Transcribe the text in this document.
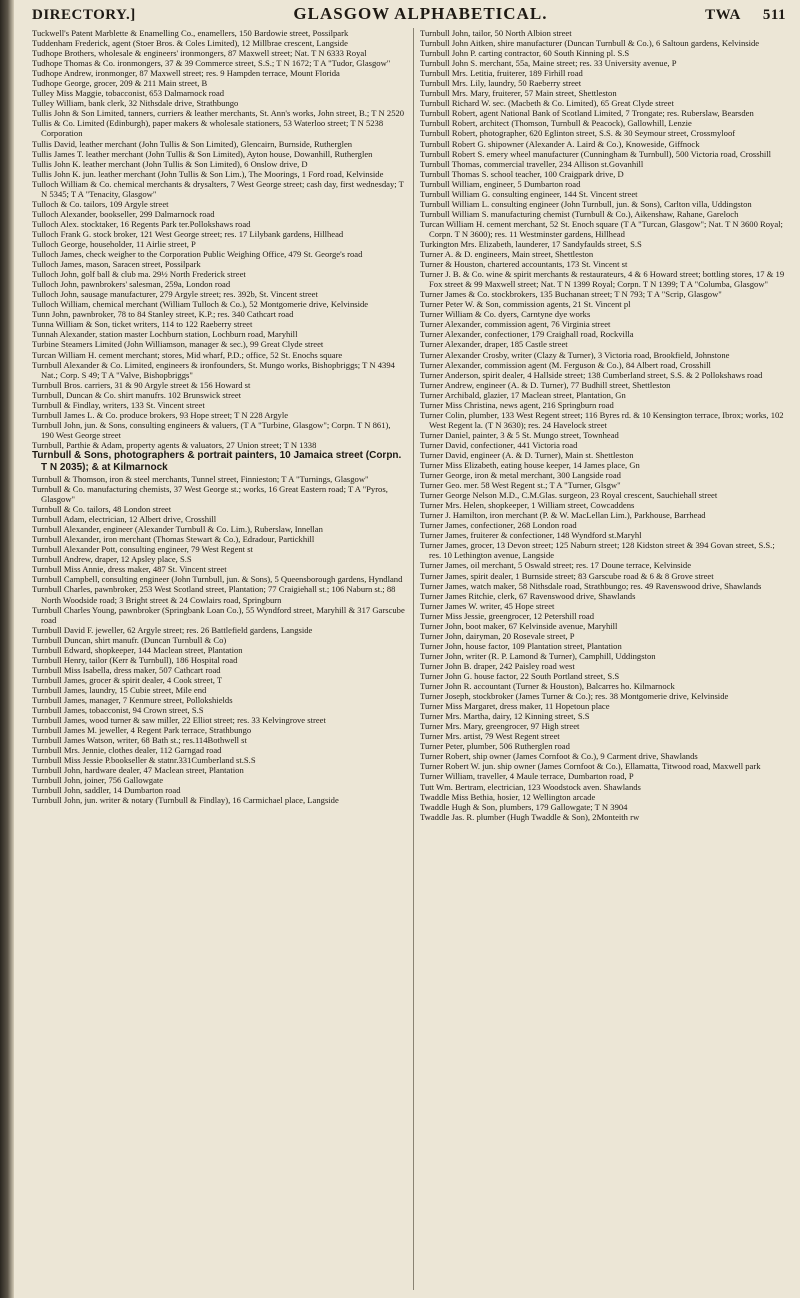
DIRECTORY.]	GLASGOW ALPHABETICAL.	TWA 511

Tuckwell's Patent Marblette & Enamelling Co., enamellers, 150 Bardowie street, Possilpark

Tuddenham Frederick, agent (Stoer Bros. & Coles Limited), 12 Millbrae crescent, Langside

Tudhope Brothers, wholesale & engineers' ironmongers, 87 Maxwell street; Nat. T N 6333 Royal

Tudhope Thomas & Co. ironmongers, 37 & 39 Commerce street, S.S.; T N 1672; T A "Tudor, Glasgow"

Tudhope Andrew, ironmonger, 87 Maxwell street; res. 9 Hampden terrace, Mount Florida

Tudhope George, grocer, 209 & 211 Main street, B

Tulley Miss Maggie, tobacconist, 653 Dalmarnock road

Tulley William, bank clerk, 32 Nithsdale drive, Strathbungo

Tullis John & Son Limited, tanners, curriers & leather merchants, St. Ann's works, John street, B.; T N 2520

Tullis & Co. Limited (Edinburgh), paper makers & wholesale stationers, 53 Waterloo street; T N 5238 Corporation

Tullis David, leather merchant (John Tullis & Son Limited), Glencairn, Burnside, Rutherglen

Tullis James T. leather merchant (John Tullis & Son Limited), Ayton house, Dowanhill, Rutherglen

Tullis John K. leather merchant (John Tullis & Son Limited), 6 Onslow drive, D

Tullis John K. jun. leather merchant (John Tullis & Son Lim.), The Moorings, 1 Ford road, Kelvinside

Tulloch William & Co. chemical merchants & drysalters, 7 West George street; cash day, first wednesday; T N 5345; T A "Tenacity, Glasgow"

Tulloch & Co. tailors, 109 Argyle street

Tulloch Alexander, bookseller, 299 Dalmarnock road

Tulloch Alex. stocktaker, 16 Regents Park ter.Pollokshaws road

Tulloch Frank G. stock broker, 121 West George street; res. 17 Lilybank gardens, Hillhead

Tulloch George, householder, 11 Airlie street, P

Tulloch James, check weigher to the Corporation Public Weighing Office, 479 St. George's road

Tulloch James, mason, Saracen street, Possilpark

Tulloch John, golf ball & club ma. 29½ North Frederick street

Tulloch John, pawnbrokers' salesman, 259a, London road

Tulloch John, sausage manufacturer, 279 Argyle street; res. 392b, St. Vincent street

Tulloch William, chemical merchant (William Tulloch & Co.), 52 Montgomerie drive, Kelvinside

Tunn John, pawnbroker, 78 to 84 Stanley street, K.P.; res. 340 Cathcart road

Tunna William & Son, ticket writers, 114 to 122 Raeberry street

Tunnah Alexander, station master Lochburn station, Lochburn road, Maryhill

Turbine Steamers Limited (John Williamson, manager & sec.), 99 Great Clyde street

Turcan William H. cement merchant; stores, Mid wharf, P.D.; office, 52 St. Enochs square

Turnbull Alexander & Co. Limited, engineers & ironfounders, St. Mungo works, Bishopbriggs; T N 4394 Nat.; Corp. S 49; T A "Valve, Bishopbriggs"

Turnbull Bros. carriers, 31 & 90 Argyle street & 156 Howard st

Turnbull, Duncan & Co. shirt manufrs. 102 Brunswick street

Turnbull & Findlay, writers, 133 St. Vincent street

Turnbull James L. & Co. produce brokers, 93 Hope street; T N 228 Argyle

Turnbull John, jun. & Sons, consulting engineers & valuers, (T A "Turbine, Glasgow"; Corpn. T N 861), 190 West George street

Turnbull, Parthie & Adam, property agents & valuators, 27 Union street; T N 1338

Turnbull & Sons, photographers & portrait painters, 10 Jamaica street (Corpn. T N 2035); & at Kilmarnock

Turnbull & Thomson, iron & steel merchants, Tunnel street, Finnieston; T A "Turnings, Glasgow"

Turnbull & Co. manufacturing chemists, 37 West George st.; works, 16 Great Eastern road; T A "Pyros, Glasgow"

Turnbull & Co. tailors, 48 London street

Turnbull Adam, electrician, 12 Albert drive, Crosshill

Turnbull Alexander, engineer (Alexander Turnbull & Co. Lim.), Ruberslaw, Innellan

Turnbull Alexander, iron merchant (Thomas Stewart & Co.), Edradour, Partickhill

Turnbull Alexander Pott, consulting engineer, 79 West Regent st

Turnbull Andrew, draper, 12 Apsley place, S.S

Turnbull Miss Annie, dress maker, 487 St. Vincent street

Turnbull Campbell, consulting engineer (John Turnbull, jun. & Sons), 5 Queensborough gardens, Hyndland

Turnbull Charles, pawnbroker, 253 West Scotland street, Plantation; 77 Craigiehall st.; 106 Naburn st.; 88 North Woodside road; 3 Bright street & 24 Cowlairs road, Springburn

Turnbull Charles Young, pawnbroker (Springbank Loan Co.), 55 Wyndford street, Maryhill & 317 Garscube road

Turnbull David F. jeweller, 62 Argyle street; res. 26 Battlefield gardens, Langside

Turnbull Duncan, shirt manufr. (Duncan Turnbull & Co)

Turnbull Edward, shopkeeper, 144 Maclean street, Plantation

Turnbull Henry, tailor (Kerr & Turnbull), 186 Hospital road

Turnbull Miss Isabella, dress maker, 507 Cathcart road

Turnbull James, grocer & spirit dealer, 4 Cook street, T

Turnbull James, laundry, 15 Cubie street, Mile end

Turnbull James, manager, 7 Kenmure street, Pollokshields

Turnbull James, tobacconist, 94 Crown street, S.S

Turnbull James, wood turner & saw miller, 22 Elliot street; res. 33 Kelvingrove street

Turnbull James M. jeweller, 4 Regent Park terrace, Strathbungo

Turnbull James Watson, writer, 68 Bath st.; res.114Bothwell st

Turnbull Mrs. Jennie, clothes dealer, 112 Garngad road

Turnbull Miss Jessie P.bookseller & statnr.331Cumberland st.S.S

Turnbull John, hardware dealer, 47 Maclean street, Plantation

Turnbull John, joiner, 756 Gallowgate

Turnbull John, saddler, 14 Dumbarton road

Turnbull John, jun. writer & notary (Turnbull & Findlay), 16 Carmichael place, Langside

Turnbull John, tailor, 50 North Albion street

Turnbull John Aitken, shire manufacturer (Duncan Turnbull & Co.), 6 Saltoun gardens, Kelvinside

Turnbull John P. carting contractor, 60 South Kinning pl. S.S

Turnbull John S. merchant, 55a, Maine street; res. 33 University avenue, P

Turnbull Mrs. Letitia, fruiterer, 189 Firhill road

Turnbull Mrs. Lily, laundry, 50 Raeberry street

Turnbull Mrs. Mary, fruiterer, 57 Main street, Shettleston

Turnbull Richard W. sec. (Macbeth & Co. Limited), 65 Great Clyde street

Turnbull Robert, agent National Bank of Scotland Limited, 7 Trongate; res. Ruberslaw, Bearsden

Turnbull Robert, architect (Thomson, Turnbull & Peacock), Gallowhill, Lenzie

Turnbull Robert, photographer, 620 Eglinton street, S.S. & 30 Seymour street, Crossmyloof

Turnbull Robert G. shipowner (Alexander A. Laird & Co.), Knoweside, Giffnock

Turnbull Robert S. emery wheel manufacturer (Cunningham & Turnbull), 500 Victoria road, Crosshill

Turnbull Thomas, commercial traveller, 234 Allison st.Govanhill

Turnbull Thomas S. school teacher, 100 Craigpark drive, D

Turnbull William, engineer, 5 Dumbarton road

Turnbull William G. consulting engineer, 144 St. Vincent street

Turnbull William L. consulting engineer (John Turnbull, jun. & Sons), Carlton villa, Uddingston

Turnbull William S. manufacturing chemist (Turnbull & Co.), Aikenshaw, Rahane, Gareloch

Turcan William H. cement merchant, 52 St. Enoch square (T A "Turcan, Glasgow"; Nat. T N 3600 Royal; Corpn. T N 3600); res. 11 Westminster gardens, Hillhead

Turkington Mrs. Elizabeth, launderer, 17 Sandyfaulds street, S.S

Turner A. & D. engineers, Main street, Shettleston

Turner & Houston, chartered accountants, 173 St. Vincent st

Turner J. B. & Co. wine & spirit merchants & restaurateurs, 4 & 6 Howard street; bottling stores, 17 & 19 Fox street & 99 Maxwell street; Nat. T N 1399 Royal; Corpn. T N 1399; T A "Columba, Glasgow"

Turner James & Co. stockbrokers, 135 Buchanan street; T N 793; T A "Scrip, Glasgow"

Turner Peter W. & Son, commission agents, 21 St. Vincent pl

Turner William & Co. dyers, Carntyne dye works

Turner Alexander, commission agent, 76 Virginia street

Turner Alexander, confectioner, 179 Craighall road, Rockvilla

Turner Alexander, draper, 185 Castle street

Turner Alexander Crosby, writer (Clazy & Turner), 3 Victoria road, Brookfield, Johnstone

Turner Alexander, commission agent (M. Ferguson & Co.), 84 Albert road, Crosshill

Turner Anderson, spirit dealer, 4 Hallside street; 138 Cumberland street, S.S. & 2 Pollokshaws road

Turner Andrew, engineer (A. & D. Turner), 77 Budhill street, Shettleston

Turner Archibald, glazier, 17 Maclean street, Plantation, Gn

Turner Miss Christina, news agent, 216 Springburn road

Turner Colin, plumber, 133 West Regent street; 116 Byres rd. & 10 Kensington terrace, Ibrox; works, 102 West Regent la. (T N 3630); res. 24 Havelock street

Turner Daniel, painter, 3 & 5 St. Mungo street, Townhead

Turner David, confectioner, 441 Victoria road

Turner David, engineer (A. & D. Turner), Main st. Shettleston

Turner Miss Elizabeth, eating house keeper, 14 James place, Gn

Turner George, iron & metal merchant, 300 Langside road

Turner Geo. mer. 58 West Regent st.; T A "Turner, Glsgw"

Turner George Nelson M.D., C.M.Glas. surgeon, 23 Royal crescent, Sauchiehall street

Turner Mrs. Helen, shopkeeper, 1 William street, Cowcaddens

Turner J. Hamilton, iron merchant (P. & W. MacLellan Lim.), Parkhouse, Barrhead

Turner James, confectioner, 268 London road

Turner James, fruiterer & confectioner, 148 Wyndford st.Maryhl

Turner James, grocer, 13 Devon street; 125 Naburn street; 128 Kidston street & 394 Govan street, S.S.; res. 10 Lethington avenue, Langside

Turner James, oil merchant, 5 Oswald street; res. 17 Doune terrace, Kelvinside

Turner James, spirit dealer, 1 Burnside street; 83 Garscube road & 6 & 8 Grove street

Turner James, watch maker, 58 Nithsdale road, Strathbungo; res. 49 Ravenswood drive, Shawlands

Turner James Ritchie, clerk, 67 Ravenswood drive, Shawlands

Turner James W. writer, 45 Hope street

Turner Miss Jessie, greengrocer, 12 Petershill road

Turner John, boot maker, 67 Kelvinside avenue, Maryhill

Turner John, dairyman, 20 Rosevale street, P

Turner John, house factor, 109 Plantation street, Plantation

Turner John, writer (R. P. Lamond & Turner), Camphill, Uddingston

Turner John B. draper, 242 Paisley road west

Turner John G. house factor, 22 South Portland street, S.S

Turner John R. accountant (Turner & Houston), Balcarres ho. Kilmarnock

Turner Joseph, stockbroker (James Turner & Co.); res. 38 Montgomerie drive, Kelvinside

Turner Miss Margaret, dress maker, 11 Hopetoun place

Turner Mrs. Martha, dairy, 12 Kinning street, S.S

Turner Mrs. Mary, greengrocer, 97 High street

Turner Mrs. artist, 79 West Regent street

Turner Peter, plumber, 506 Rutherglen road

Turner Robert, ship owner (James Cornfoot & Co.), 9 Carment drive, Shawlands

Turner Robert W. jun. ship owner (James Cornfoot & Co.), Ellamatta, Titwood road, Maxwell park

Turner William, traveller, 4 Maule terrace, Dumbarton road, P

Tutt Wm. Bertram, electrician, 123 Woodstock aven. Shawlands

Twaddle Miss Bethia, hosier, 12 Wellington arcade

Twaddle Hugh & Son, plumbers, 179 Gallowgate; T N 3904

Twaddle Jas. R. plumber (Hugh Twaddle & Son), 2Monteith rw
